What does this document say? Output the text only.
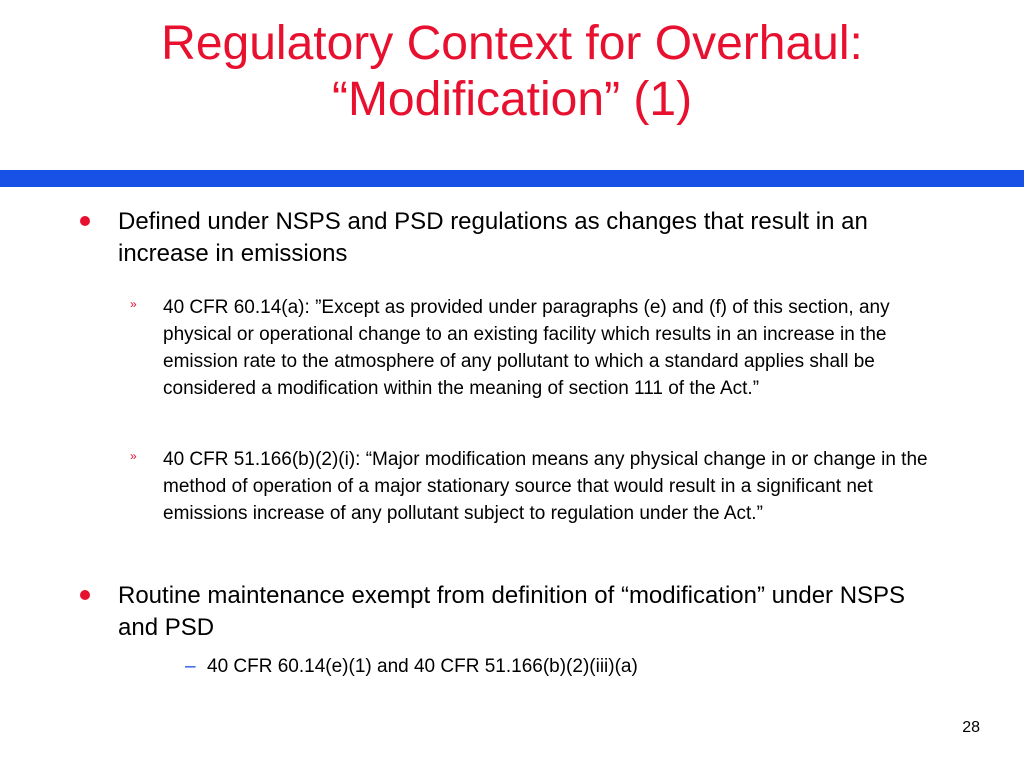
Regulatory Context for Overhaul:
“Modification” (1)
Defined under NSPS and PSD regulations as changes that result in an increase in emissions
» 40 CFR 60.14(a): ”Except as provided under paragraphs (e) and (f) of this section, any physical or operational change to an existing facility which results in an increase in the emission rate to the atmosphere of any pollutant to which a standard applies shall be considered a modification within the meaning of section 111 of the Act.”
» 40 CFR 51.166(b)(2)(i): “Major modification means any physical change in or change in the method of operation of a major stationary source that would result in a significant net emissions increase of any pollutant subject to regulation under the Act.”
Routine maintenance exempt from definition of “modification” under NSPS and PSD
– 40 CFR 60.14(e)(1) and 40 CFR 51.166(b)(2)(iii)(a)
28
